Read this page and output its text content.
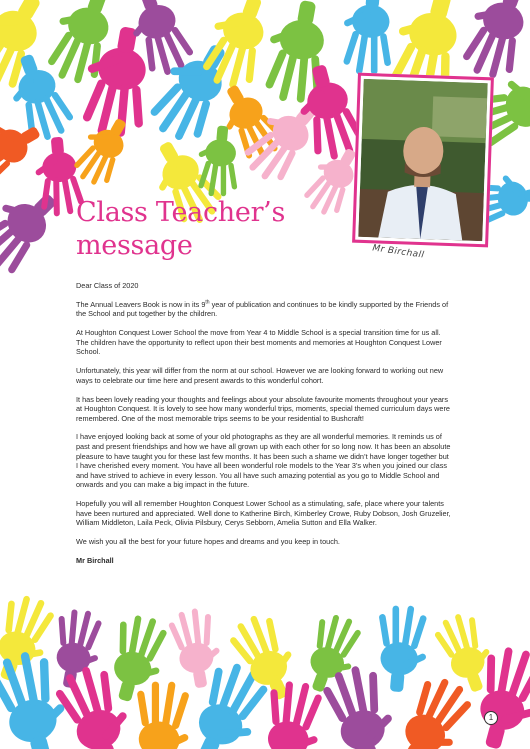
Class Teacher’s
message	Mr Birchall

Dear Class of 2020

The Annual Leavers Book is now in its 9th year of publication and continues to be kindly supported by the Friends of the School and put together by the children.

At Houghton Conquest Lower School the move from Year 4 to Middle School is a special transition time for us all. The children have the opportunity to reflect upon their best moments and memories at Houghton Conquest Lower School.

Unfortunately, this year will differ from the norm at our school. However we are looking forward to working out new ways to celebrate our time here and present awards to this wonderful cohort.

It has been lovely reading your thoughts and feelings about your absolute favourite moments throughout your years at Houghton Conquest. It is lovely to see how many wonderful trips, moments, special themed curriculum days were remembered. One of the most memorable trips seems to be your residential to Bushcraft!

I have enjoyed looking back at some of your old photographs as they are all wonderful memories. It reminds us of past and present friendships and how we have all grown up with each other for so long now. It has been an absolute pleasure to have taught you for these last few months. It has been such a shame we didn’t have longer together but I have cherished every moment. You have all been wonderful role models to the Year 3’s when you joined our class and have strived to achieve in every lesson. You all have such amazing potential as you go to Middle School and onwards and you can make a big impact in the future.

Hopefully you will all remember Houghton Conquest Lower School as a stimulating, safe, place where your talents have been nurtured and appreciated. Well done to Katherine Birch, Kimberley Crowe, Ruby Dobson, Josh Gruzelier, William Middleton, Laila Peck, Olivia Pilsbury, Cerys Sebborn, Amelia Sutton and Ella Walker.

We wish you all the best for your future hopes and dreams and you keep in touch.

Mr Birchall

1
